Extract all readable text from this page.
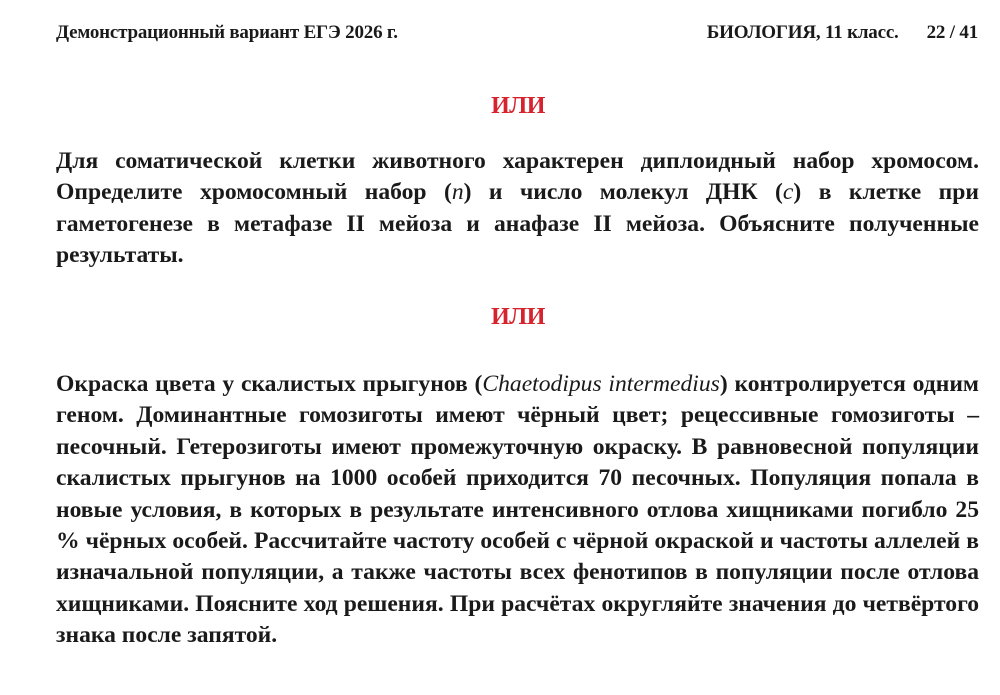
Демонстрационный вариант ЕГЭ 2026 г.	БИОЛОГИЯ, 11 класс. 22 / 41
ИЛИ

Для соматической клетки животного характерен диплоидный набор хромосом. Определите хромосомный набор (n) и число молекул ДНК (c) в клетке при гаметогенезе в метафазе II мейоза и анафазе II мейоза. Объясните полученные результаты.

ИЛИ

Окраска цвета у скалистых прыгунов (Chaetodipus intermedius) контролируется одним геном. Доминантные гомозиготы имеют чёрный цвет; рецессивные гомозиготы – песочный. Гетерозиготы имеют промежуточную окраску. В равновесной популяции скалистых прыгунов на 1000 особей приходится 70 песочных. Популяция попала в новые условия, в которых в результате интенсивного отлова хищниками погибло 25 % чёрных особей. Рассчитайте частоту особей с чёрной окраской и частоты аллелей в изначальной популяции, а также частоты всех фенотипов в популяции после отлова хищниками. Поясните ход решения. При расчётах округляйте значения до четвёртого знака после запятой.
